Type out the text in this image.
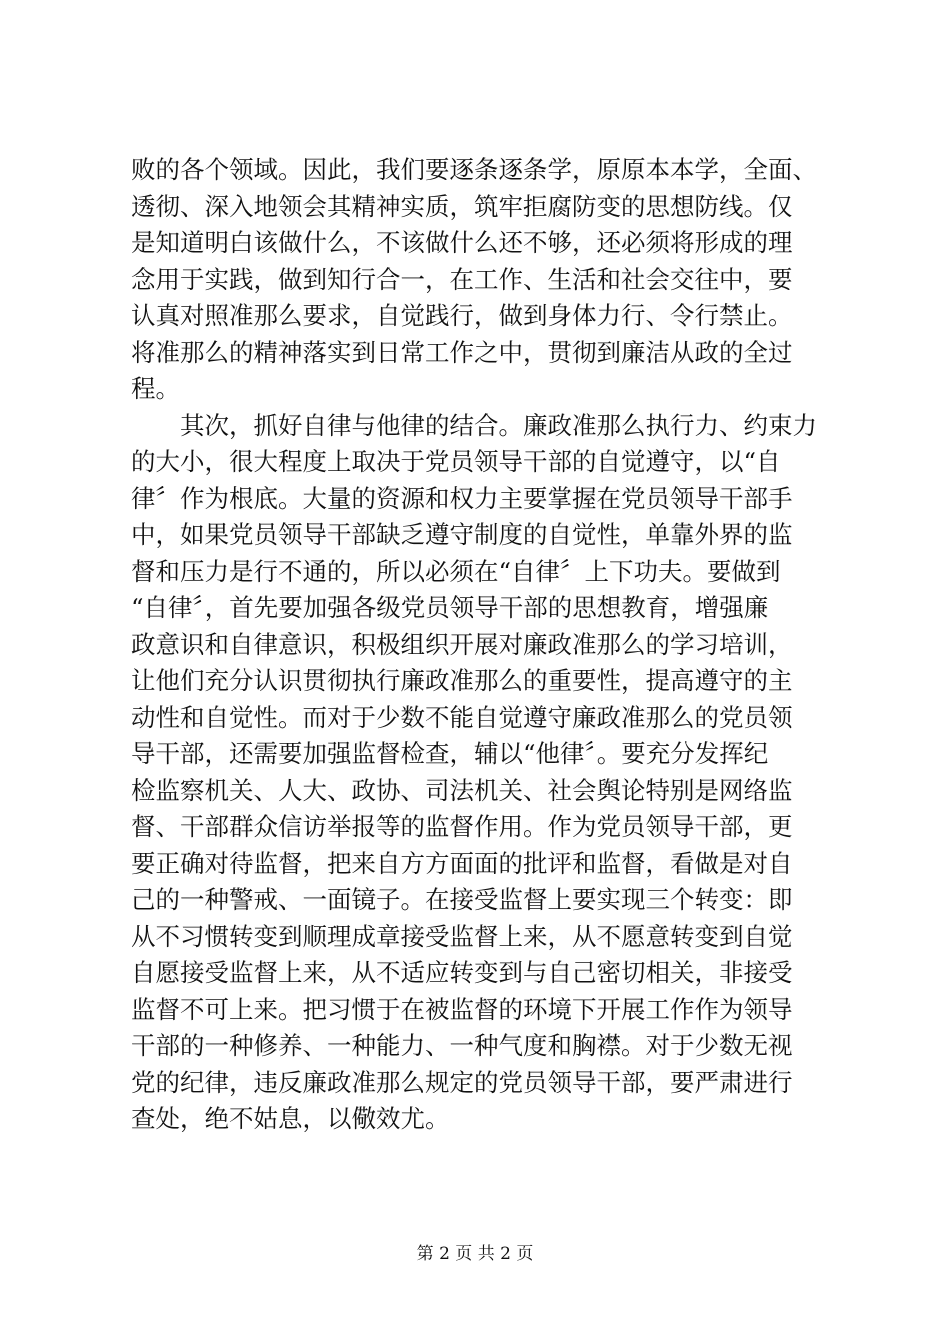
败的各个领域。因此，我们要逐条逐条学，原原本本学，全面、
透彻、深入地领会其精神实质，筑牢拒腐防变的思想防线。仅
是知道明白该做什么，不该做什么还不够，还必须将形成的理
念用于实践，做到知行合一，在工作、生活和社会交往中，要
认真对照准那么要求，自觉践行，做到身体力行、令行禁止。
将准那么的精神落实到日常工作之中，贯彻到廉洁从政的全过
程。
　　其次，抓好自律与他律的结合。廉政准那么执行力、约束力
的大小，很大程度上取决于党员领导干部的自觉遵守，以“自
律〞作为根底。大量的资源和权力主要掌握在党员领导干部手
中，如果党员领导干部缺乏遵守制度的自觉性，单靠外界的监
督和压力是行不通的，所以必须在“自律〞上下功夫。要做到
“自律〞，首先要加强各级党员领导干部的思想教育，增强廉
政意识和自律意识，积极组织开展对廉政准那么的学习培训，
让他们充分认识贯彻执行廉政准那么的重要性，提高遵守的主
动性和自觉性。而对于少数不能自觉遵守廉政准那么的党员领
导干部，还需要加强监督检查，辅以“他律〞。要充分发挥纪
检监察机关、人大、政协、司法机关、社会舆论特别是网络监
督、干部群众信访举报等的监督作用。作为党员领导干部，更
要正确对待监督，把来自方方面面的批评和监督，看做是对自
己的一种警戒、一面镜子。在接受监督上要实现三个转变：即
从不习惯转变到顺理成章接受监督上来，从不愿意转变到自觉
自愿接受监督上来，从不适应转变到与自己密切相关，非接受
监督不可上来。把习惯于在被监督的环境下开展工作作为领导
干部的一种修养、一种能力、一种气度和胸襟。对于少数无视
党的纪律，违反廉政准那么规定的党员领导干部，要严肃进行
查处，绝不姑息，以儆效尤。
第 2 页 共 2 页
